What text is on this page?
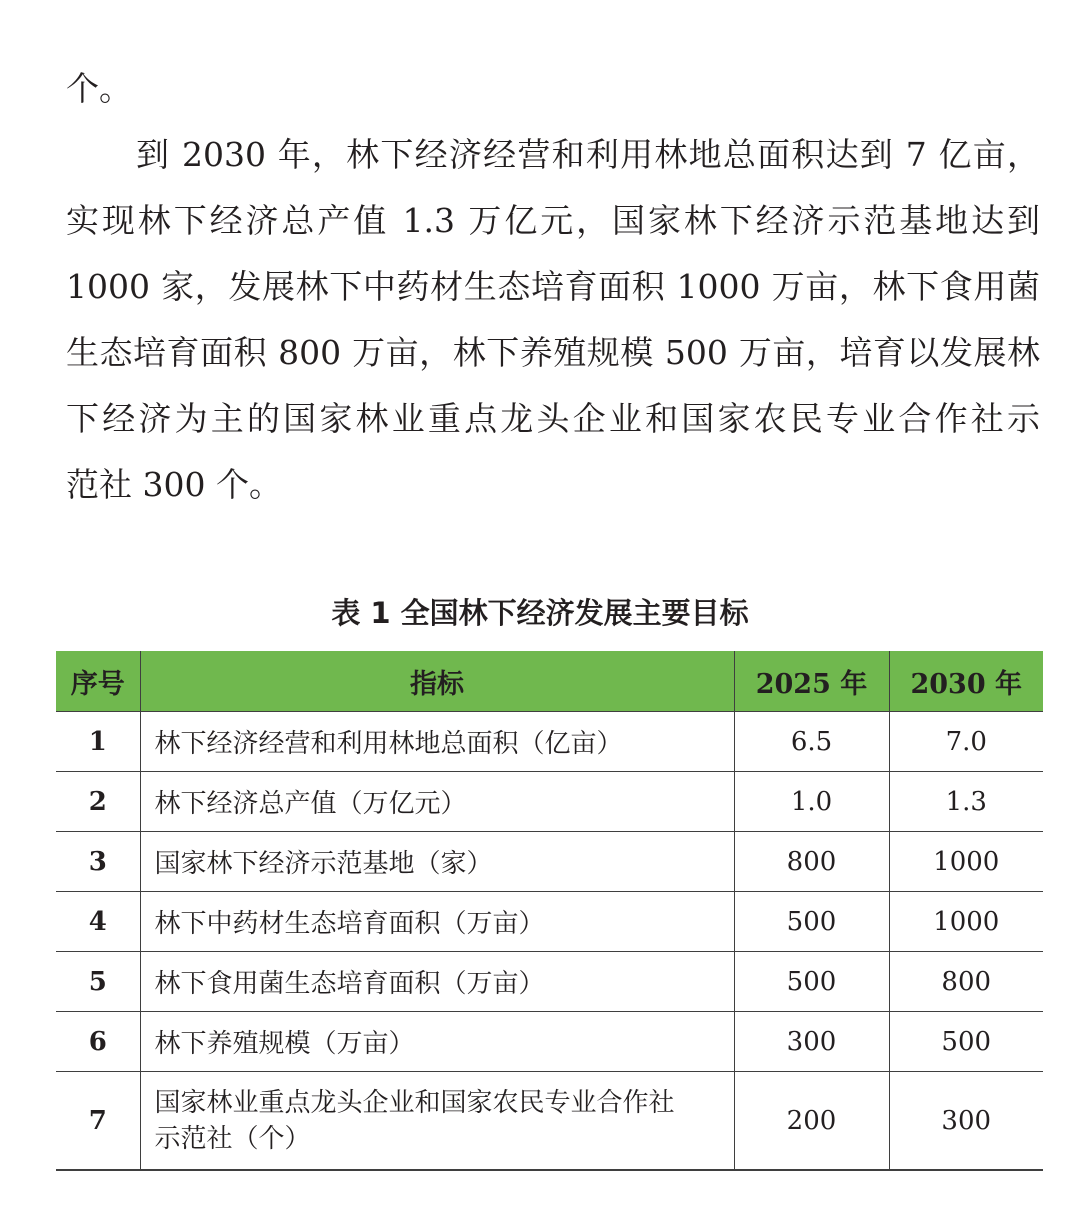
个。
到 2030 年，林下经济经营和利用林地总面积达到 7 亿亩，
实现林下经济总产值 1.3 万亿元，国家林下经济示范基地达到
1000 家，发展林下中药材生态培育面积 1000 万亩，林下食用菌
生态培育面积 800 万亩，林下养殖规模 500 万亩，培育以发展林
下经济为主的国家林业重点龙头企业和国家农民专业合作社示
范社 300 个。
表 1 全国林下经济发展主要目标
序号	指标	2025 年	2030 年
1	林下经济经营和利用林地总面积（亿亩）	6.5	7.0
2	林下经济总产值（万亿元）	1.0	1.3
3	国家林下经济示范基地（家）	800	1000
4	林下中药材生态培育面积（万亩）	500	1000
5	林下食用菌生态培育面积（万亩）	500	800
6	林下养殖规模（万亩）	300	500
7	国家林业重点龙头企业和国家农民专业合作社
示范社（个）	200	300
